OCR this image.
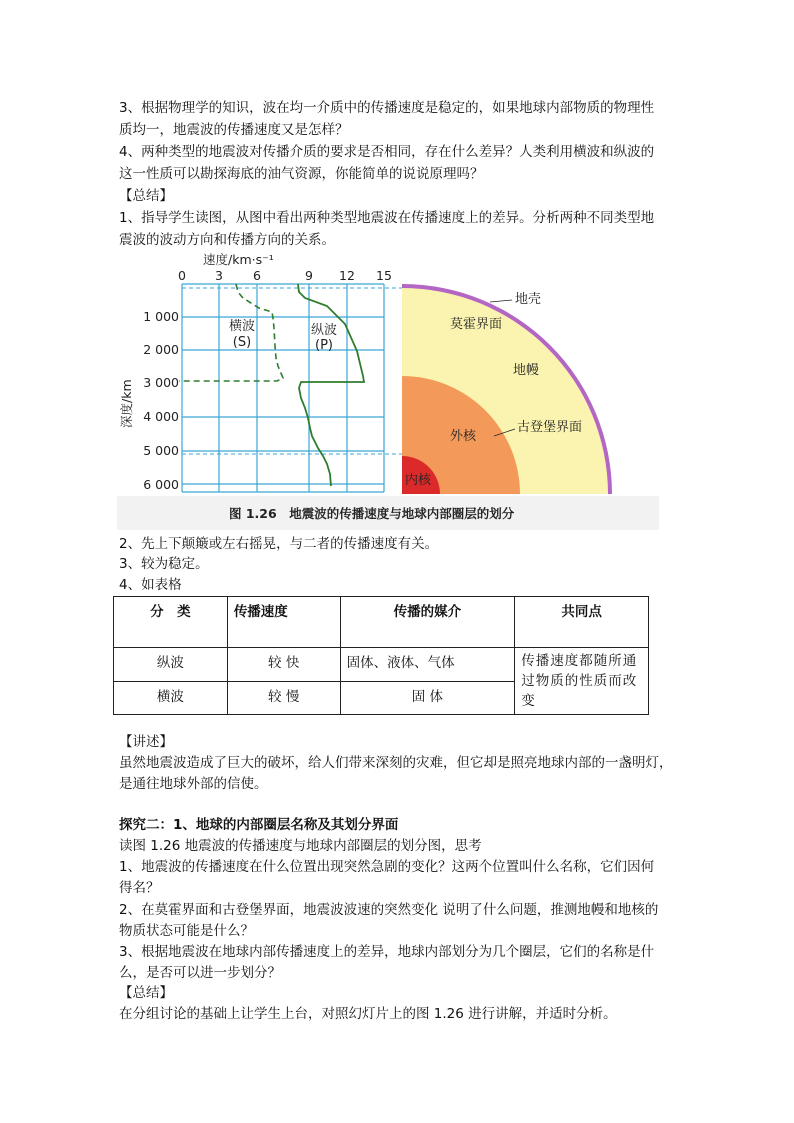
3、根据物理学的知识，波在均一介质中的传播速度是稳定的，如果地球内部物质的物理性
质均一，地震波的传播速度又是怎样？
4、两种类型的地震波对传播介质的要求是否相同，存在什么差异？人类利用横波和纵波的
这一性质可以勘探海底的油气资源，你能简单的说说原理吗？
【总结】
1、指导学生读图，从图中看出两种类型地震波在传播速度上的差异。分析两种不同类型地
震波的波动方向和传播方向的关系。
速度/km·s⁻¹
0 3 6	9 12 15
1 000
2 000
3 000
4 000
5 000
6 000
深度/km
横波
(S)
纵波
(P)
地壳
莫霍界面
地幔
外核
古登堡界面
内核
图 1.26　地震波的传播速度与地球内部圈层的划分
2、先上下颠簸或左右摇晃，与二者的传播速度有关。
3、较为稳定。
4、如表格
分　类	传播速度	传播的媒介	共同点
纵波	较 快	固体、液体、气体	传播速度都随所通过物质的性质而改变
横波	较 慢	固 体	
【讲述】
虽然地震波造成了巨大的破坏，给人们带来深刻的灾难，但它却是照亮地球内部的一盏明灯，
是通往地球外部的信使。
探究二：1、地球的内部圈层名称及其划分界面
读图 1.26 地震波的传播速度与地球内部圈层的划分图，思考
1、地震波的传播速度在什么位置出现突然急剧的变化？这两个位置叫什么名称，它们因何
得名？
2、在莫霍界面和古登堡界面，地震波波速的突然变化 说明了什么问题，推测地幔和地核的
物质状态可能是什么？
3、根据地震波在地球内部传播速度上的差异，地球内部划分为几个圈层，它们的名称是什
么，是否可以进一步划分？
【总结】
在分组讨论的基础上让学生上台，对照幻灯片上的图 1.26 进行讲解，并适时分析。
